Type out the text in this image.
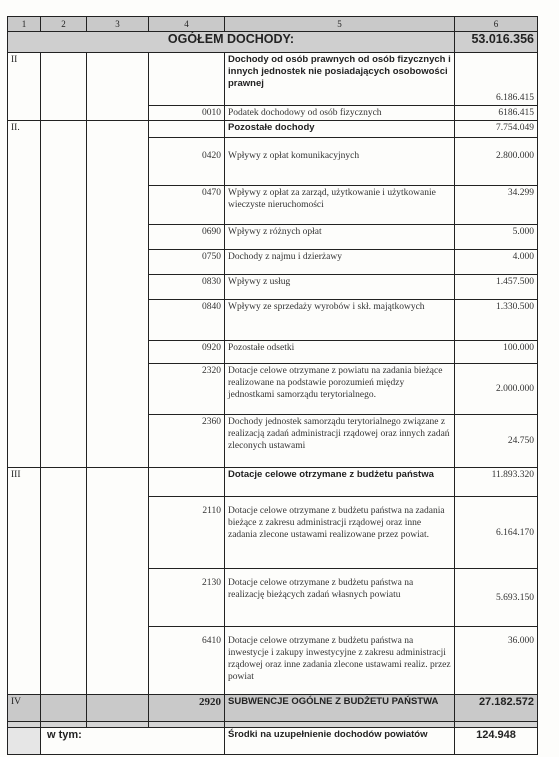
1	2	3	4	5	6
OGÓŁEM DOCHODY:					53.016.356
II				Dochody od osób prawnych od osób fizycznych i innych jednostek nie posiadających osobowości prawnej	6.186.415
			0010	Podatek dochodowy od osób fizycznych	6186.415
II.				Pozostałe dochody	7.754.049
			0420	Wpływy z opłat komunikacyjnych	2.800.000
			0470	Wpływy z opłat za zarząd, użytkowanie i użytkowanie wieczyste nieruchomości	34.299
			0690	Wpływy z różnych opłat	5.000
			0750	Dochody z najmu i dzierżawy	4.000
			0830	Wpływy z usług	1.457.500
			0840	Wpływy ze sprzedaży wyrobów i skł. majątkowych	1.330.500
			0920	Pozostałe odsetki	100.000
			2320	Dotacje celowe otrzymane z powiatu na zadania bieżące realizowane na podstawie porozumień między jednostkami samorządu terytorialnego.	2.000.000
			2360	Dochody jednostek samorządu terytorialnego związane z realizacją zadań administracji rządowej oraz innych zadań zleconych ustawami	24.750
III				Dotacje celowe otrzymane z budżetu państwa	11.893.320
			2110	Dotacje celowe otrzymane z budżetu państwa na zadania bieżące z zakresu administracji rządowej oraz inne zadania zlecone ustawami realizowane przez powiat.	6.164.170
			2130	Dotacje celowe otrzymane z budżetu państwa na realizację bieżących zadań własnych powiatu	5.693.150
			6410	Dotacje celowe otrzymane z budżetu państwa na inwestycje i zakupy inwestycyjne z zakresu administracji rządowej oraz inne zadania zlecone ustawami realiz. przez powiat	36.000
IV			2920	SUBWENCJE OGÓLNE Z BUDŻETU PAŃSTWA	27.182.572

	w tym:			Środki na uzupełnienie dochodów powiatów	124.948
